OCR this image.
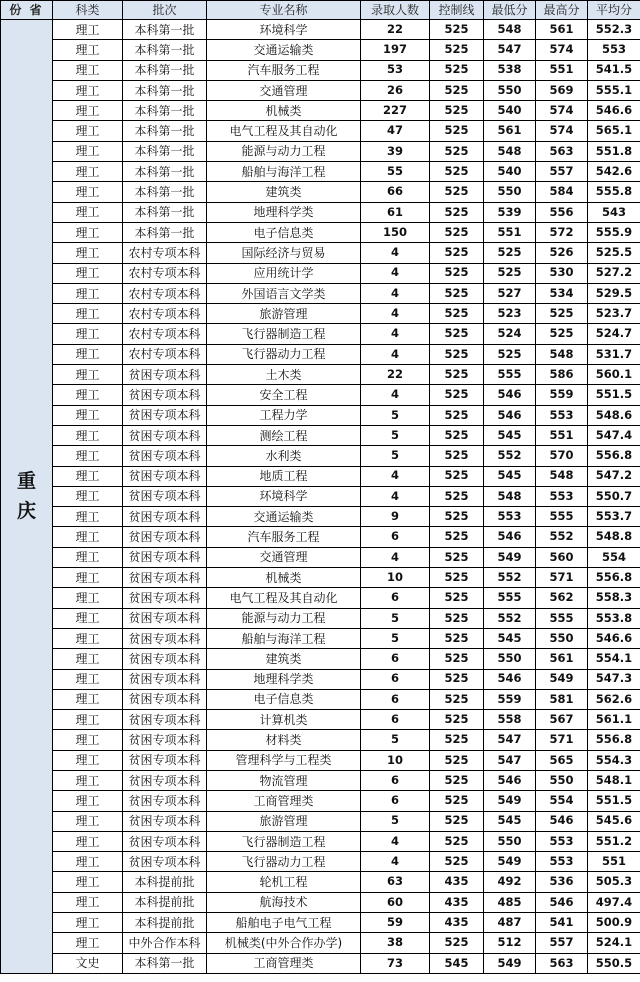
份 省	科类	批次	专业名称	录取人数	控制线	最低分	最高分	平均分

重
庆	理工	本科第一批	环境科学	22	525	548	561	552.3
	理工	本科第一批	交通运输类	197	525	547	574	553
	理工	本科第一批	汽车服务工程	53	525	538	551	541.5
	理工	本科第一批	交通管理	26	525	550	569	555.1
	理工	本科第一批	机械类	227	525	540	574	546.6
	理工	本科第一批	电气工程及其自动化	47	525	561	574	565.1
	理工	本科第一批	能源与动力工程	39	525	548	563	551.8
	理工	本科第一批	船舶与海洋工程	55	525	540	557	542.6
	理工	本科第一批	建筑类	66	525	550	584	555.8
	理工	本科第一批	地理科学类	61	525	539	556	543
	理工	本科第一批	电子信息类	150	525	551	572	555.9
	理工	农村专项本科	国际经济与贸易	4	525	525	526	525.5
	理工	农村专项本科	应用统计学	4	525	525	530	527.2
	理工	农村专项本科	外国语言文学类	4	525	527	534	529.5
	理工	农村专项本科	旅游管理	4	525	523	525	523.7
	理工	农村专项本科	飞行器制造工程	4	525	524	525	524.7
	理工	农村专项本科	飞行器动力工程	4	525	525	548	531.7
	理工	贫困专项本科	土木类	22	525	555	586	560.1
	理工	贫困专项本科	安全工程	4	525	546	559	551.5
	理工	贫困专项本科	工程力学	5	525	546	553	548.6
	理工	贫困专项本科	测绘工程	5	525	545	551	547.4
	理工	贫困专项本科	水利类	5	525	552	570	556.8
	理工	贫困专项本科	地质工程	4	525	545	548	547.2
	理工	贫困专项本科	环境科学	4	525	548	553	550.7
	理工	贫困专项本科	交通运输类	9	525	553	555	553.7
	理工	贫困专项本科	汽车服务工程	6	525	546	552	548.8
	理工	贫困专项本科	交通管理	4	525	549	560	554
	理工	贫困专项本科	机械类	10	525	552	571	556.8
	理工	贫困专项本科	电气工程及其自动化	6	525	555	562	558.3
	理工	贫困专项本科	能源与动力工程	5	525	552	555	553.8
	理工	贫困专项本科	船舶与海洋工程	5	525	545	550	546.6
	理工	贫困专项本科	建筑类	6	525	550	561	554.1
	理工	贫困专项本科	地理科学类	6	525	546	549	547.3
	理工	贫困专项本科	电子信息类	6	525	559	581	562.6
	理工	贫困专项本科	计算机类	6	525	558	567	561.1
	理工	贫困专项本科	材料类	5	525	547	571	556.8
	理工	贫困专项本科	管理科学与工程类	10	525	547	565	554.3
	理工	贫困专项本科	物流管理	6	525	546	550	548.1
	理工	贫困专项本科	工商管理类	6	525	549	554	551.5
	理工	贫困专项本科	旅游管理	5	525	545	546	545.6
	理工	贫困专项本科	飞行器制造工程	4	525	550	553	551.2
	理工	贫困专项本科	飞行器动力工程	4	525	549	553	551
	理工	本科提前批	轮机工程	63	435	492	536	505.3
	理工	本科提前批	航海技术	60	435	485	546	497.4
	理工	本科提前批	船舶电子电气工程	59	435	487	541	500.9
	理工	中外合作本科	机械类(中外合作办学)	38	525	512	557	524.1
	文史	本科第一批	工商管理类	73	545	549	563	550.5
